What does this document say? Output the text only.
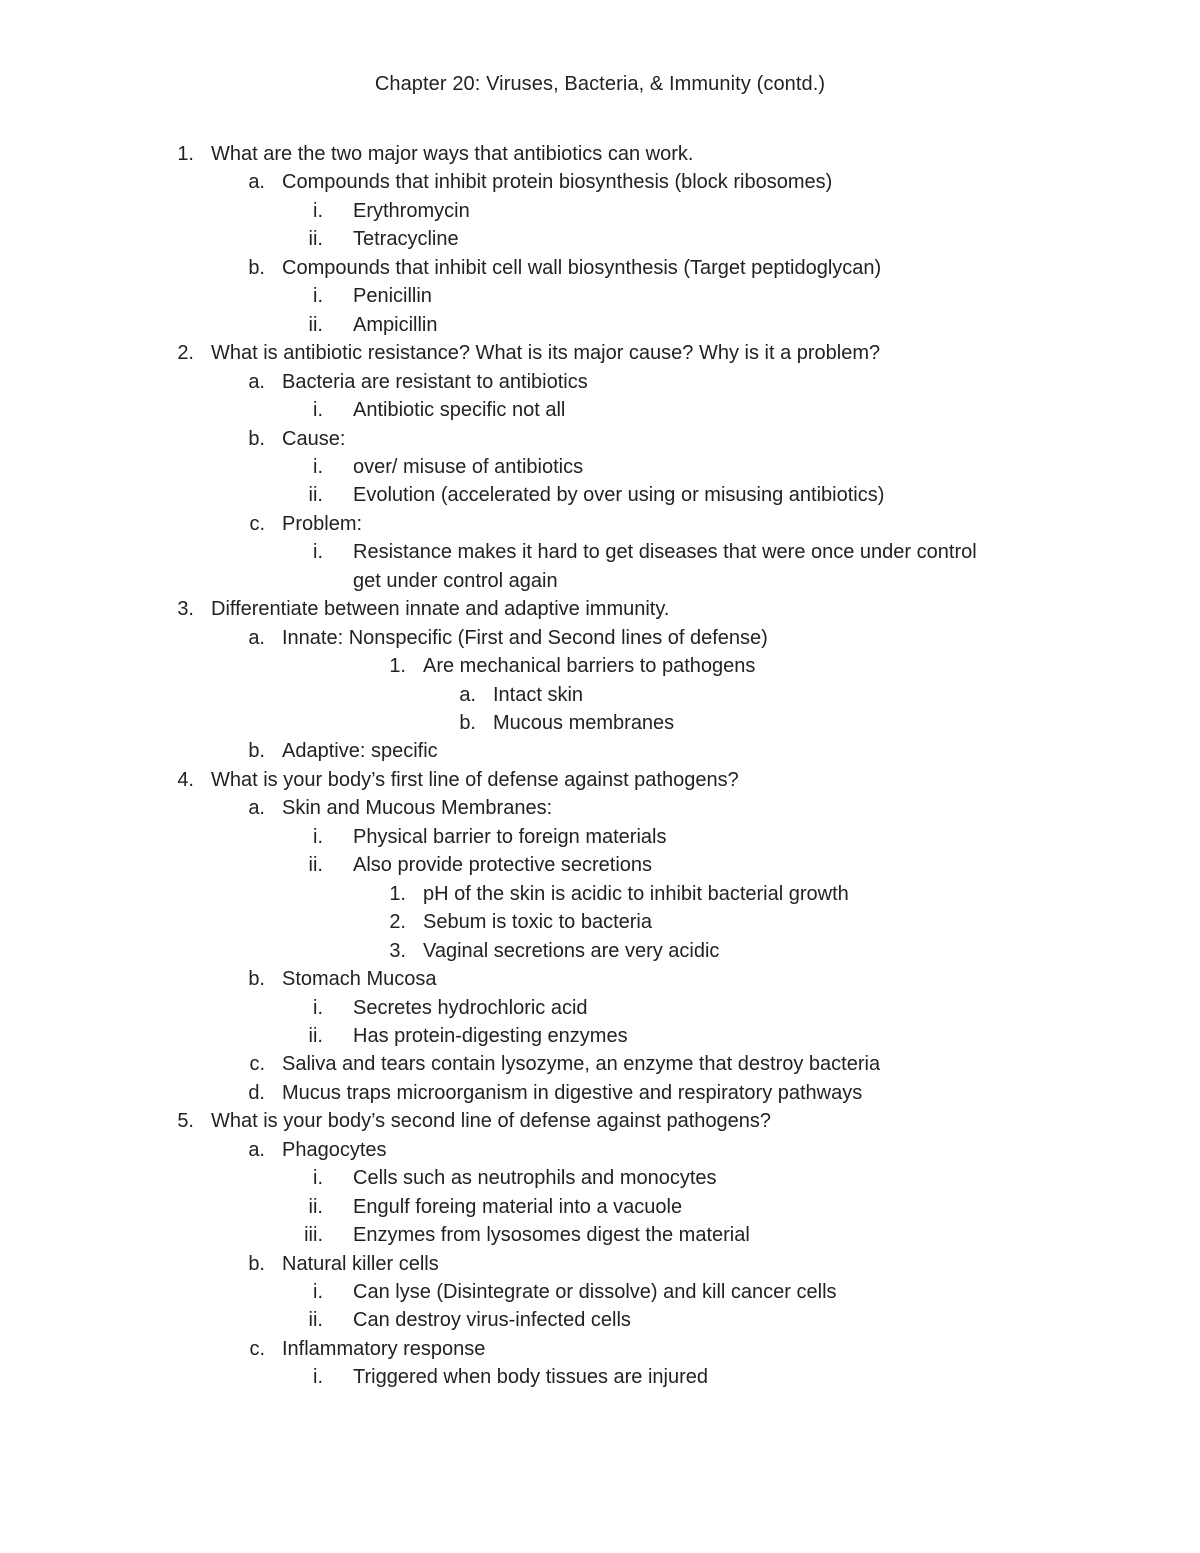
Chapter 20: Viruses, Bacteria, & Immunity (contd.)
1. What are the two major ways that antibiotics can work.
a. Compounds that inhibit protein biosynthesis (block ribosomes)
i. Erythromycin
ii. Tetracycline
b. Compounds that inhibit cell wall biosynthesis (Target peptidoglycan)
i. Penicillin
ii. Ampicillin
2. What is antibiotic resistance? What is its major cause? Why is it a problem?
a. Bacteria are resistant to antibiotics
i. Antibiotic specific not all
b. Cause:
i. over/ misuse of antibiotics
ii. Evolution (accelerated by over using or misusing antibiotics)
c. Problem:
i. Resistance makes it hard to get diseases that were once under control
get under control again
3. Differentiate between innate and adaptive immunity.
a. Innate: Nonspecific (First and Second lines of defense)
1. Are mechanical barriers to pathogens
a. Intact skin
b. Mucous membranes
b. Adaptive: specific
4. What is your body’s first line of defense against pathogens?
a. Skin and Mucous Membranes:
i. Physical barrier to foreign materials
ii. Also provide protective secretions
1. pH of the skin is acidic to inhibit bacterial growth
2. Sebum is toxic to bacteria
3. Vaginal secretions are very acidic
b. Stomach Mucosa
i. Secretes hydrochloric acid
ii. Has protein-digesting enzymes
c. Saliva and tears contain lysozyme, an enzyme that destroy bacteria
d. Mucus traps microorganism in digestive and respiratory pathways
5. What is your body’s second line of defense against pathogens?
a. Phagocytes
i. Cells such as neutrophils and monocytes
ii. Engulf foreing material into a vacuole
iii. Enzymes from lysosomes digest the material
b. Natural killer cells
i. Can lyse (Disintegrate or dissolve) and kill cancer cells
ii. Can destroy virus-infected cells
c. Inflammatory response
i. Triggered when body tissues are injured
